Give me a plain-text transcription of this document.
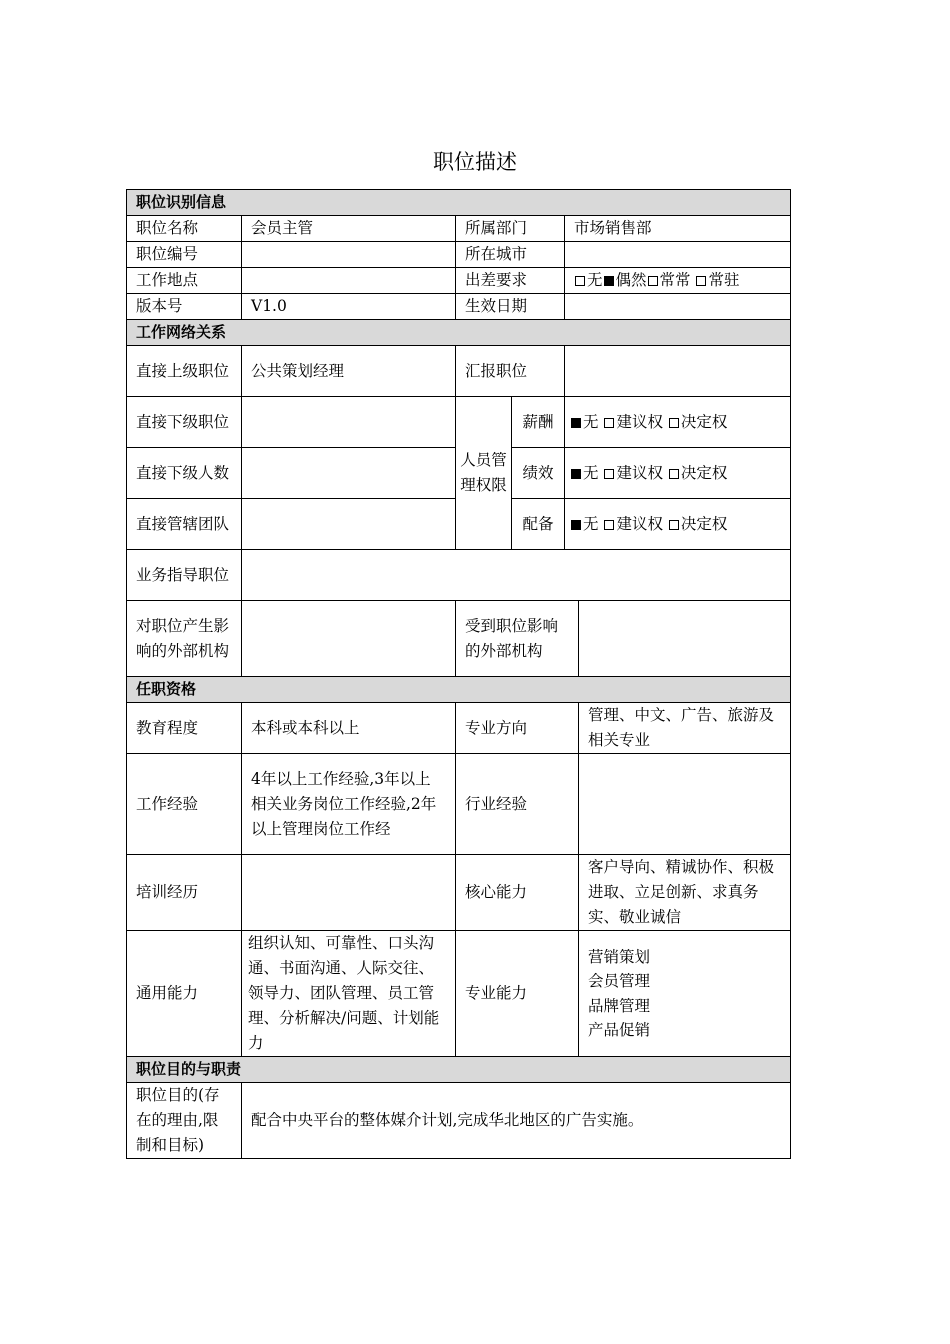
职位描述
职位识别信息					
职位名称	会员主管	所属部门		市场销售部	
职位编号		所在城市			
工作地点		出差要求		无 偶然 常常 常驻	
版本号	V1.0	生效日期			
工作网络关系					
直接上级职位	公共策划经理	汇报职位			
直接下级职位		人员管理权限	薪酬	无 建议权 决定权	
直接下级人数			绩效	无 建议权 决定权	
直接管辖团队			配备	无 建议权 决定权	
业务指导职位					
对职位产生影响的外部机构		受到职位影响的外部机构			
任职资格					
教育程度	本科或本科以上	专业方向			管理、中文、广告、旅游及相关专业
工作经验	4年以上工作经验,3年以上相关业务岗位工作经验,2年以上管理岗位工作经	行业经验			
培训经历		核心能力			客户导向、精诚协作、积极进取、立足创新、求真务实、敬业诚信
通用能力	组织认知、可靠性、口头沟通、书面沟通、人际交往、领导力、团队管理、员工管理、分析解决/问题、计划能力	专业能力			营销策划
会员管理
品牌管理
产品促销

职位目的与职责					
职位目的(存在的理由,限制和目标)	配合中央平台的整体媒介计划,完成华北地区的广告实施。				
